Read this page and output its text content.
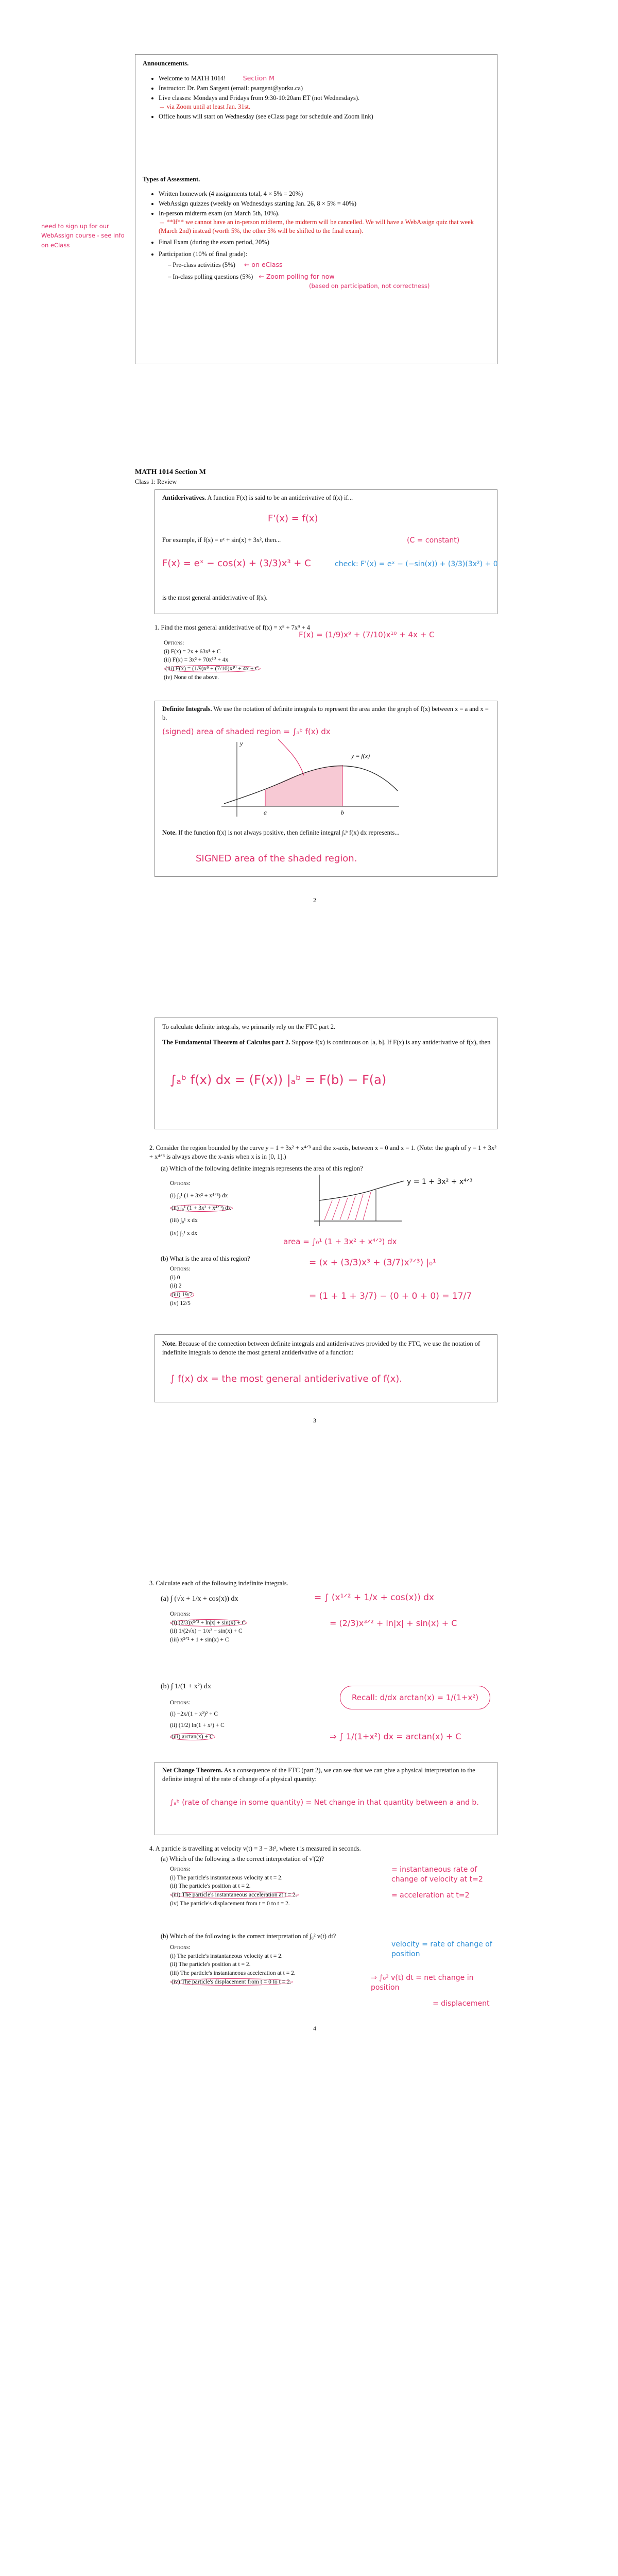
Announcements.
• Welcome to MATH 1014!	Section M
• Instructor: Dr. Pam Sargent (email: psargent@yorku.ca)
• Live classes: Mondays and Fridays from 9:30-10:20am ET (not Wednesdays).
→ via Zoom until at least Jan. 31st.
• Office hours will start on Wednesday (see eClass page for schedule and Zoom link)
Types of Assessment.
• Written homework (4 assignments total, 4 × 5% = 20%)
• WebAssign quizzes (weekly on Wednesdays starting Jan. 26, 8 × 5% = 40%)
• In-person midterm exam (on March 5th, 10%).
→ **If** we cannot have an in-person midterm, the midterm will be cancelled. We will have a WebAssign quiz that week (March 2nd) instead (worth 5%, the other 5% will be shifted to the final exam).
• Final Exam (during the exam period, 20%)
• Participation (10% of final grade):
– Pre-class activities (5%) ← on eClass
– In-class polling questions (5%) ← Zoom polling for now
(based on participation, not correctness)
need to sign up for our WebAssign course - see info on eClass
MATH 1014 Section M
Class 1: Review
Antiderivatives. A function F(x) is said to be an antiderivative of f(x) if...
F'(x) = f(x)
For example, if f(x) = eˣ + sin(x) + 3x², then...	(C = constant)
F(x) = eˣ − cos(x) + (3/3)x³ + C	check: F'(x) = eˣ − (−sin(x)) + (3/3)(3x²) + 0
is the most general antiderivative of f(x).
1. Find the most general antiderivative of f(x) = x⁸ + 7x⁹ + 4
F(x) = (1/9)x⁹ + (7/10)x¹⁰ + 4x + C
Options:
(i) F(x) = 2x + 63x⁸ + C
(ii) F(x) = 3x² + 70x¹⁰ + 4x
(iii) F(x) = (1/9)x⁹ + (7/10)x¹⁰ + 4x + C
(iv) None of the above.
Definite Integrals. We use the notation of definite integrals to represent the area under the graph of f(x) between x = a and x = b.
(signed) area of shaded region = ∫ₐᵇ f(x) dx
y
a	b
y = f(x)
Note. If the function f(x) is not always positive, then definite integral ∫ₐᵇ f(x) dx represents...
SIGNED area of the shaded region.
2
To calculate definite integrals, we primarily rely on the FTC part 2.
The Fundamental Theorem of Calculus part 2. Suppose f(x) is continuous on [a, b]. If F(x) is any antiderivative of f(x), then
∫ₐᵇ f(x) dx = (F(x)) |ₐᵇ = F(b) − F(a)
2. Consider the region bounded by the curve y = 1 + 3x² + x⁴ᐟ³ and the x-axis, between x = 0 and x = 1. (Note: the graph of y = 1 + 3x² + x⁴ᐟ³ is always above the x-axis when x is in [0, 1].)
(a) Which of the following definite integrals represents the area of this region?
Options:
(i) ∫₀¹ (1 + 3x² + x⁴ᐟ³) dx
(ii) ∫₀¹ (1 + 3x² + x⁴ᐟ³) dx
(iii) ∫₀¹ x dx
(iv) ∫₀¹ x dx
y = 1 + 3x² + x⁴ᐟ³
area = ∫₀¹ (1 + 3x² + x⁴ᐟ³) dx
(b) What is the area of this region?
Options:
(i) 0
(ii) 2
(iii) 19/7
(iv) 12/5
= (x + (3/3)x³ + (3/7)x⁷ᐟ³) |₀¹
= (1 + 1 + 3/7) − (0 + 0 + 0) = 17/7
Note. Because of the connection between definite integrals and antiderivatives provided by the FTC, we use the notation of indefinite integrals to denote the most general antiderivative of a function:
∫ f(x) dx = the most general antiderivative of f(x).
3
3. Calculate each of the following indefinite integrals.
(a) ∫ (√x + 1/x + cos(x)) dx	= ∫ (x¹ᐟ² + 1/x + cos(x)) dx
Options:
(i) (2/3)x³ᐟ² + ln|x| + sin(x) + C
(ii) 1/(2√x) − 1/x² − sin(x) + C
(iii) x³ᐟ² + 1 + sin(x) + C
= (2/3)x³ᐟ² + ln|x| + sin(x) + C
(b) ∫ 1/(1 + x²) dx
Options:
(i) −2x/(1 + x²)² + C
(ii) (1/2) ln(1 + x²) + C
(iii) arctan(x) + C
Recall: d/dx arctan(x) = 1/(1+x²)
⇒ ∫ 1/(1+x²) dx = arctan(x) + C
Net Change Theorem. As a consequence of the FTC (part 2), we can see that we can give a physical interpretation to the definite integral of the rate of change of a physical quantity:
∫ₐᵇ (rate of change in some quantity) = Net change in that quantity between a and b.
4. A particle is travelling at velocity v(t) = 3 − 3t², where t is measured in seconds.
(a) Which of the following is the correct interpretation of v'(2)?
Options:
(i) The particle's instantaneous velocity at t = 2.
(ii) The particle's position at t = 2.
(iii) The particle's instantaneous acceleration at t = 2.
(iv) The particle's displacement from t = 0 to t = 2.
= instantaneous rate of change of velocity at t=2
= acceleration at t=2
(b) Which of the following is the correct interpretation of ∫₀² v(t) dt?
Options:
(i) The particle's instantaneous velocity at t = 2.
(ii) The particle's position at t = 2.
(iii) The particle's instantaneous acceleration at t = 2.
(iv) The particle's displacement from t = 0 to t = 2.
velocity = rate of change of position
⇒ ∫₀² v(t) dt = net change in position
= displacement
4
